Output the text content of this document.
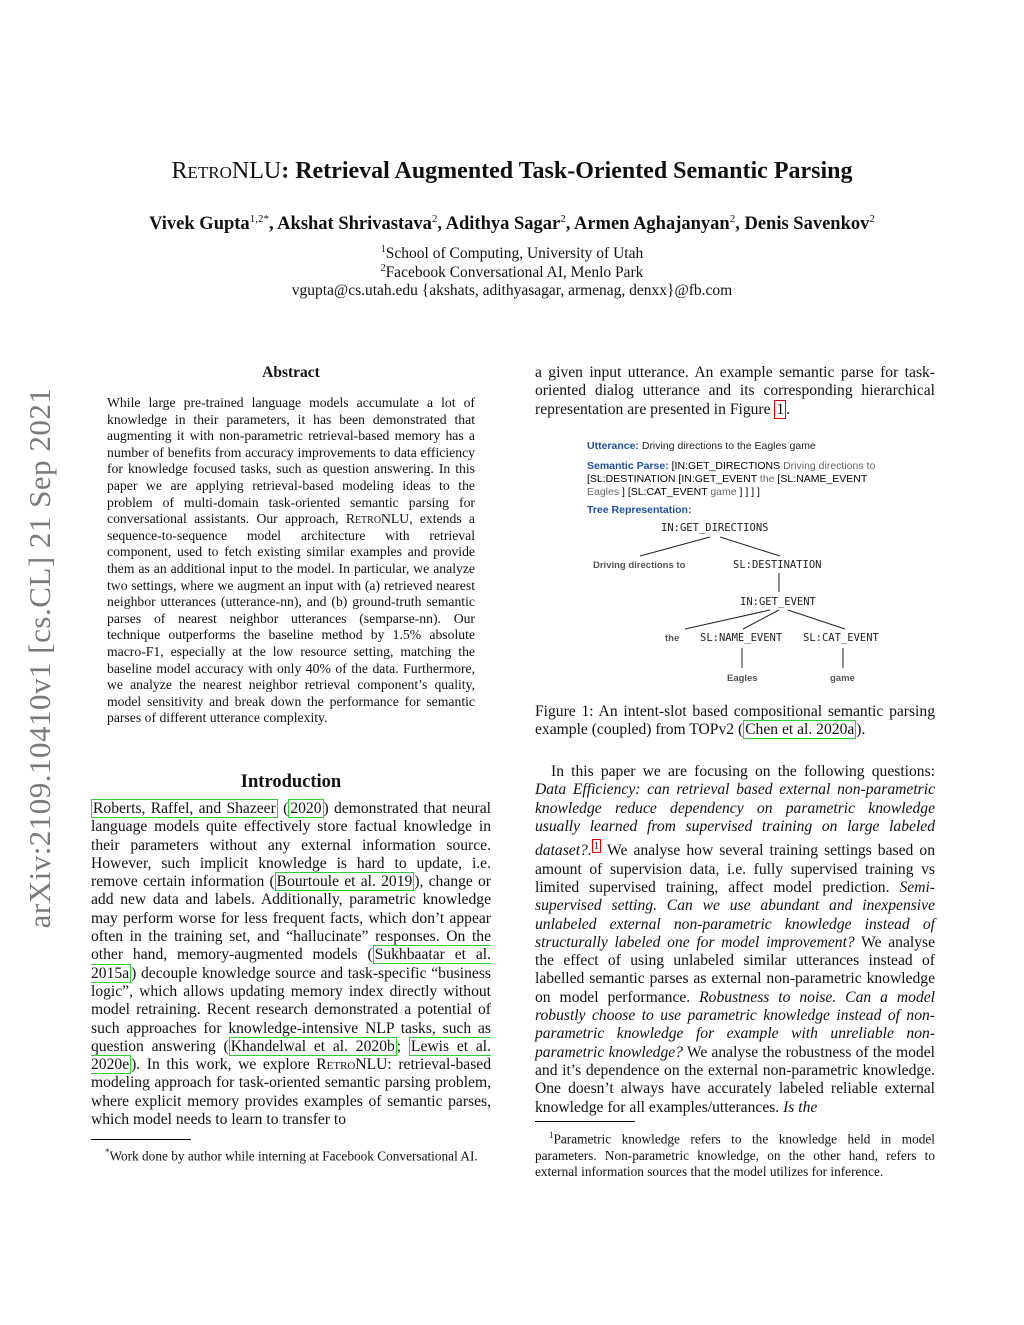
arXiv:2109.10410v1 [cs.CL] 21 Sep 2021
RetroNLU: Retrieval Augmented Task-Oriented Semantic Parsing
Vivek Gupta$^{1,2*}$, Akshat Shrivastava$^2$, Adithya Sagar$^2$, Armen Aghajanyan$^2$, Denis Savenkov$^2$
$^1$School of Computing, University of Utah
$^2$Facebook Conversational AI, Menlo Park
vgupta@cs.utah.edu {akshats, adithyasagar, armenag, denxx}@fb.com
Abstract
While large pre-trained language models accumulate a lot of knowledge in their parameters, it has been demonstrated that augmenting it with non-parametric retrieval-based memory has a number of benefits from accuracy improvements to data efficiency for knowledge focused tasks, such as question answering. In this paper we are applying retrieval-based modeling ideas to the problem of multi-domain task-oriented semantic parsing for conversational assistants. Our approach, RetroNLU, extends a sequence-to-sequence model architecture with retrieval component, used to fetch existing similar examples and provide them as an additional input to the model. In particular, we analyze two settings, where we augment an input with (a) retrieved nearest neighbor utterances (utterance-nn), and (b) ground-truth semantic parses of nearest neighbor utterances (semparse-nn). Our technique outperforms the baseline method by 1.5% absolute macro-F1, especially at the low resource setting, matching the baseline model accuracy with only 40% of the data. Furthermore, we analyze the nearest neighbor retrieval component’s quality, model sensitivity and break down the performance for semantic parses of different utterance complexity.
Introduction
Roberts, Raffel, and Shazeer ( 2020 ) demonstrated that neural language models quite effectively store factual knowledge in their parameters without any external information source. However, such implicit knowledge is hard to update, i.e. remove certain information ( Bourtoule et al. 2019 ), change or add new data and labels. Additionally, parametric knowledge may perform worse for less frequent facts, which don’t appear often in the training set, and “hallucinate” responses. On the other hand, memory-augmented models ( Sukhbaatar et al. 2015a ) decouple knowledge source and task-specific “business logic”, which allows updating memory index directly without model retraining. Recent research demonstrated a potential of such approaches for knowledge-intensive NLP tasks, such as question answering ( Khandelwal et al. 2020b ; Lewis et al. 2020e ). In this work, we explore RetroNLU: retrieval-based modeling approach for task-oriented semantic parsing problem, where explicit memory provides examples of semantic parses, which model needs to learn to transfer to
*Work done by author while interning at Facebook Conversational AI.
a given input utterance. An example semantic parse for task-oriented dialog utterance and its corresponding hierarchical representation are presented in Figure 1 .
Utterance: Driving directions to the Eagles game
Semantic Parse: [IN:GET_DIRECTIONS Driving directions to
[SL:DESTINATION [IN:GET_EVENT the [SL:NAME_EVENT
Eagles ] [SL:CAT_EVENT game ] ] ] ]
Tree Representation:
IN:GET_DIRECTIONS
Driving directions to	SL:DESTINATION
IN:GET_EVENT
the SL:NAME_EVENT SL:CAT_EVENT
Eagles	game
Figure 1: An intent-slot based compositional semantic parsing example (coupled) from TOPv2 ( Chen et al. 2020a ).
In this paper we are focusing on the following questions: Data Efficiency: can retrieval based external non-parametric knowledge reduce dependency on parametric knowledge usually learned from supervised training on large labeled dataset?. $^1$ We analyse how several training settings based on amount of supervision data, i.e. fully supervised training vs limited supervised training, affect model prediction. Semi-supervised setting. Can we use abundant and inexpensive unlabeled external non-parametric knowledge instead of structurally labeled one for model improvement? We analyse the effect of using unlabeled similar utterances instead of labelled semantic parses as external non-parametric knowledge on model performance. Robustness to noise. Can a model robustly choose to use parametric knowledge instead of non-parametric knowledge for example with unreliable non-parametric knowledge? We analyse the robustness of the model and it’s dependence on the external non-parametric knowledge. One doesn’t always have accurately labeled reliable external knowledge for all examples/utterances. Is the
$^1$Parametric knowledge refers to the knowledge held in model parameters. Non-parametric knowledge, on the other hand, refers to external information sources that the model utilizes for inference.
